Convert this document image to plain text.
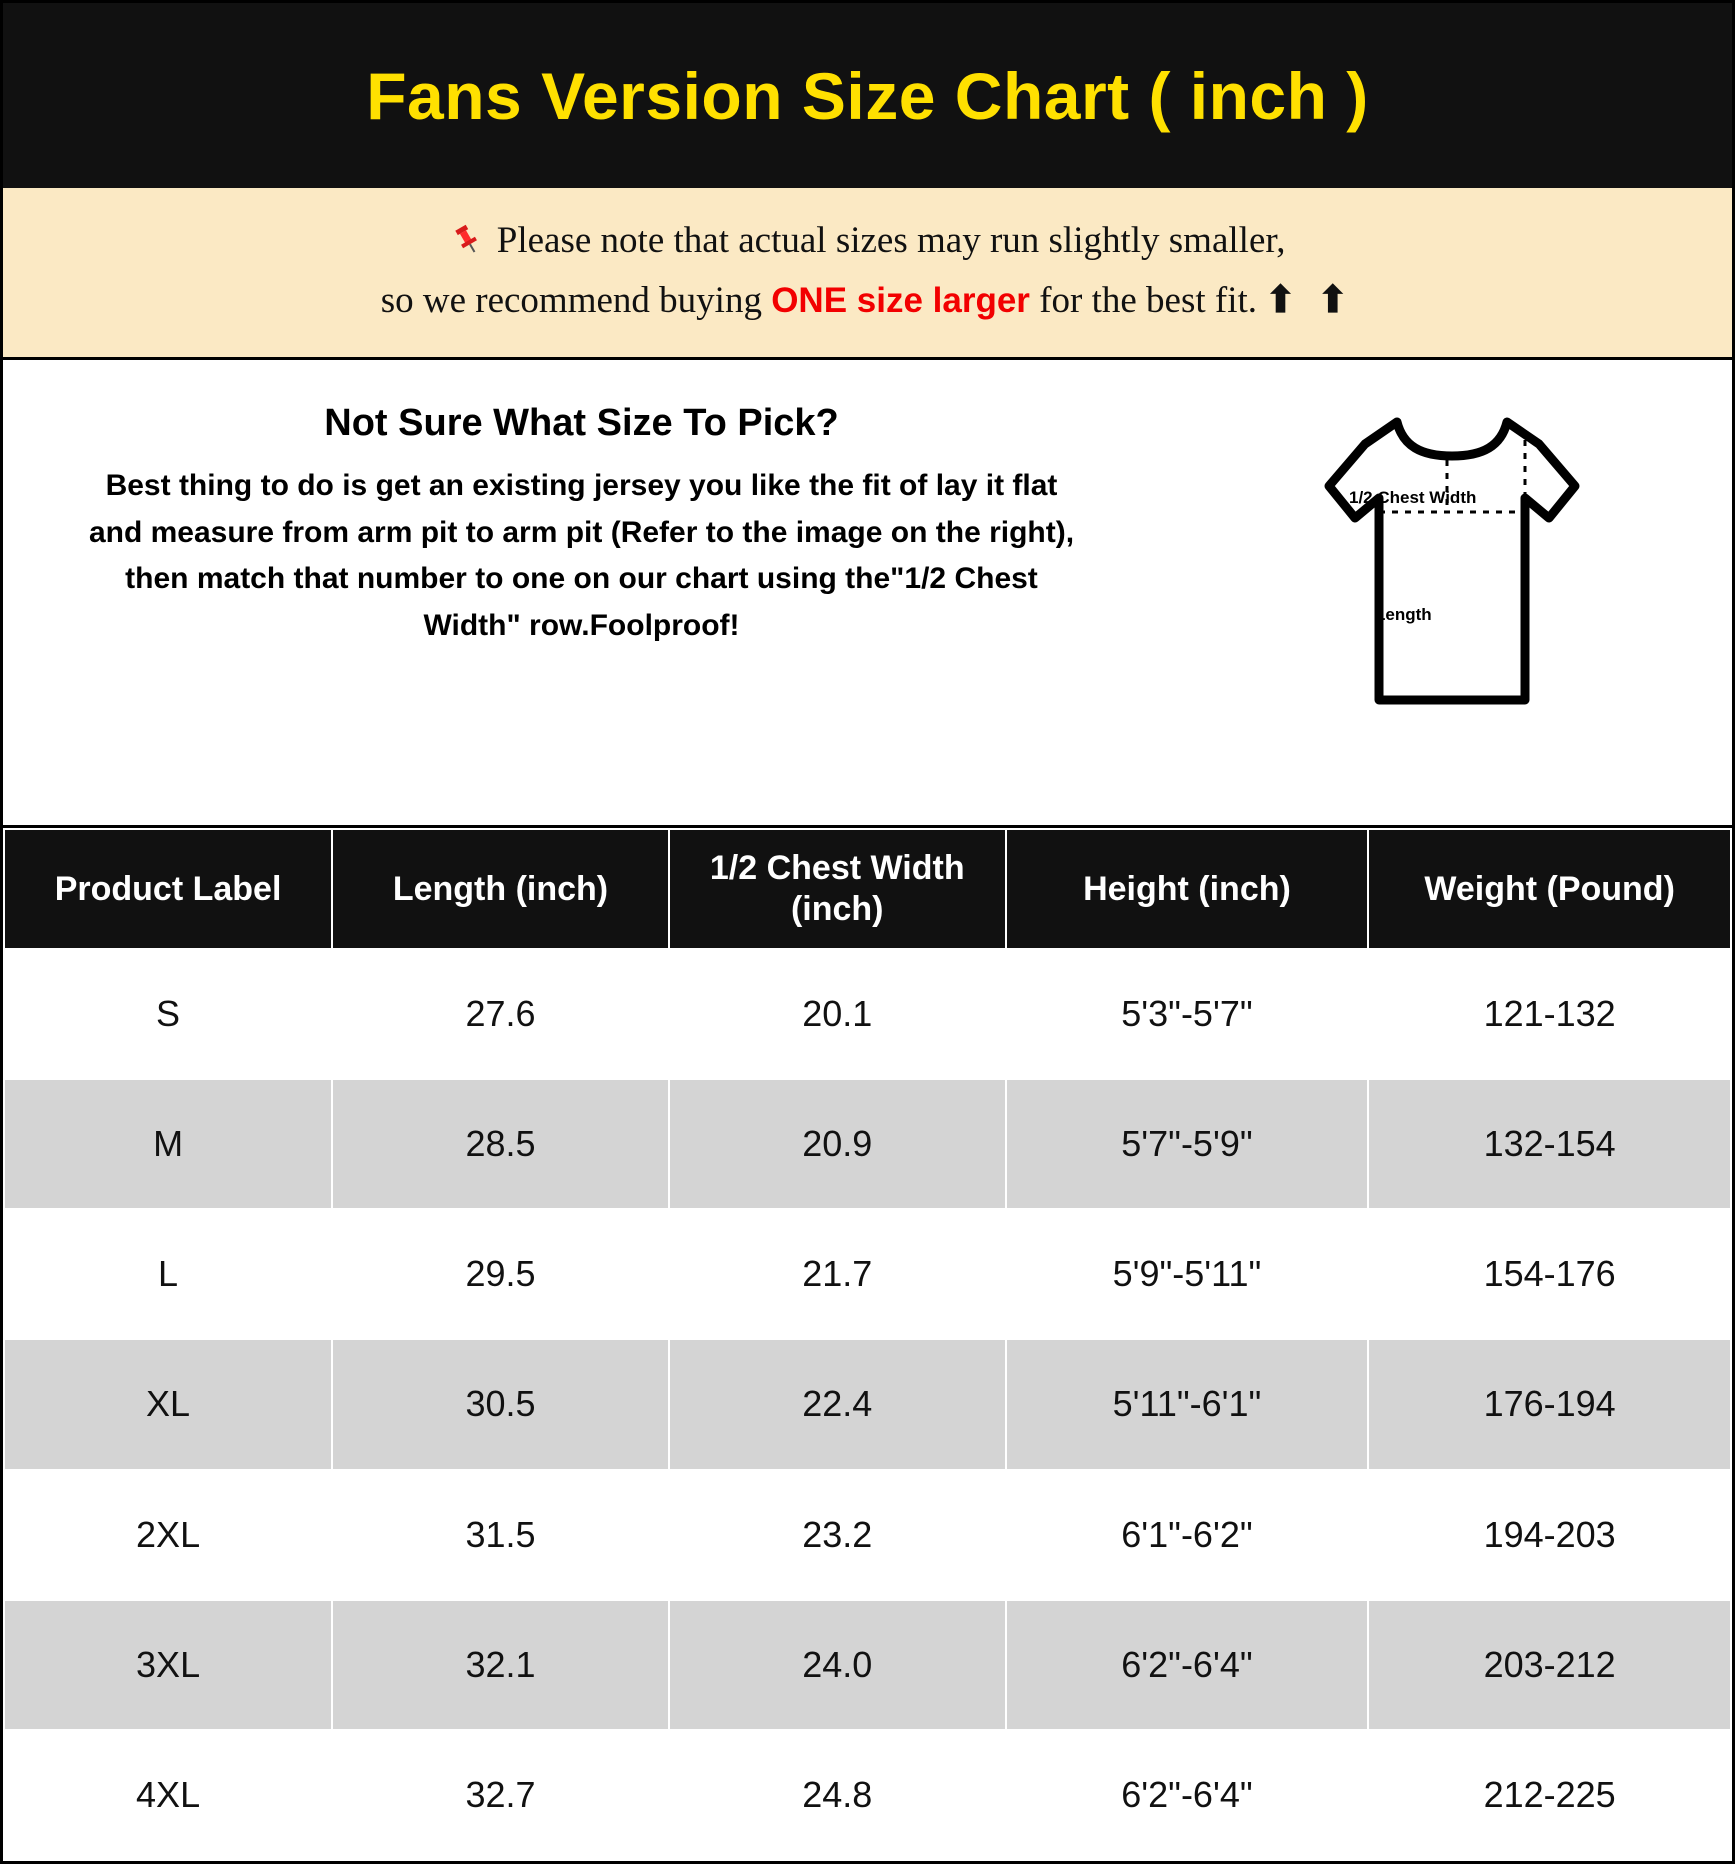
Fans Version Size Chart ( inch )
Please note that actual sizes may run slightly smaller,
so we recommend buying ONE size larger for the best fit. ⬆ ⬆
Not Sure What Size To Pick?
Best thing to do is get an existing jersey you like the fit of lay it flat and measure from arm pit to arm pit (Refer to the image on the right), then match that number to one on our chart using the"1/2 Chest Width" row.Foolproof!
1/2 Chest Width
Length
Product Label	Length (inch)	1/2 Chest Width (inch)	Height (inch)	Weight (Pound)
S	27.6	20.1	5'3"-5'7"	121-132
M	28.5	20.9	5'7"-5'9"	132-154
L	29.5	21.7	5'9"-5'11"	154-176
XL	30.5	22.4	5'11"-6'1"	176-194
2XL	31.5	23.2	6'1"-6'2"	194-203
3XL	32.1	24.0	6'2"-6'4"	203-212
4XL	32.7	24.8	6'2"-6'4"	212-225
